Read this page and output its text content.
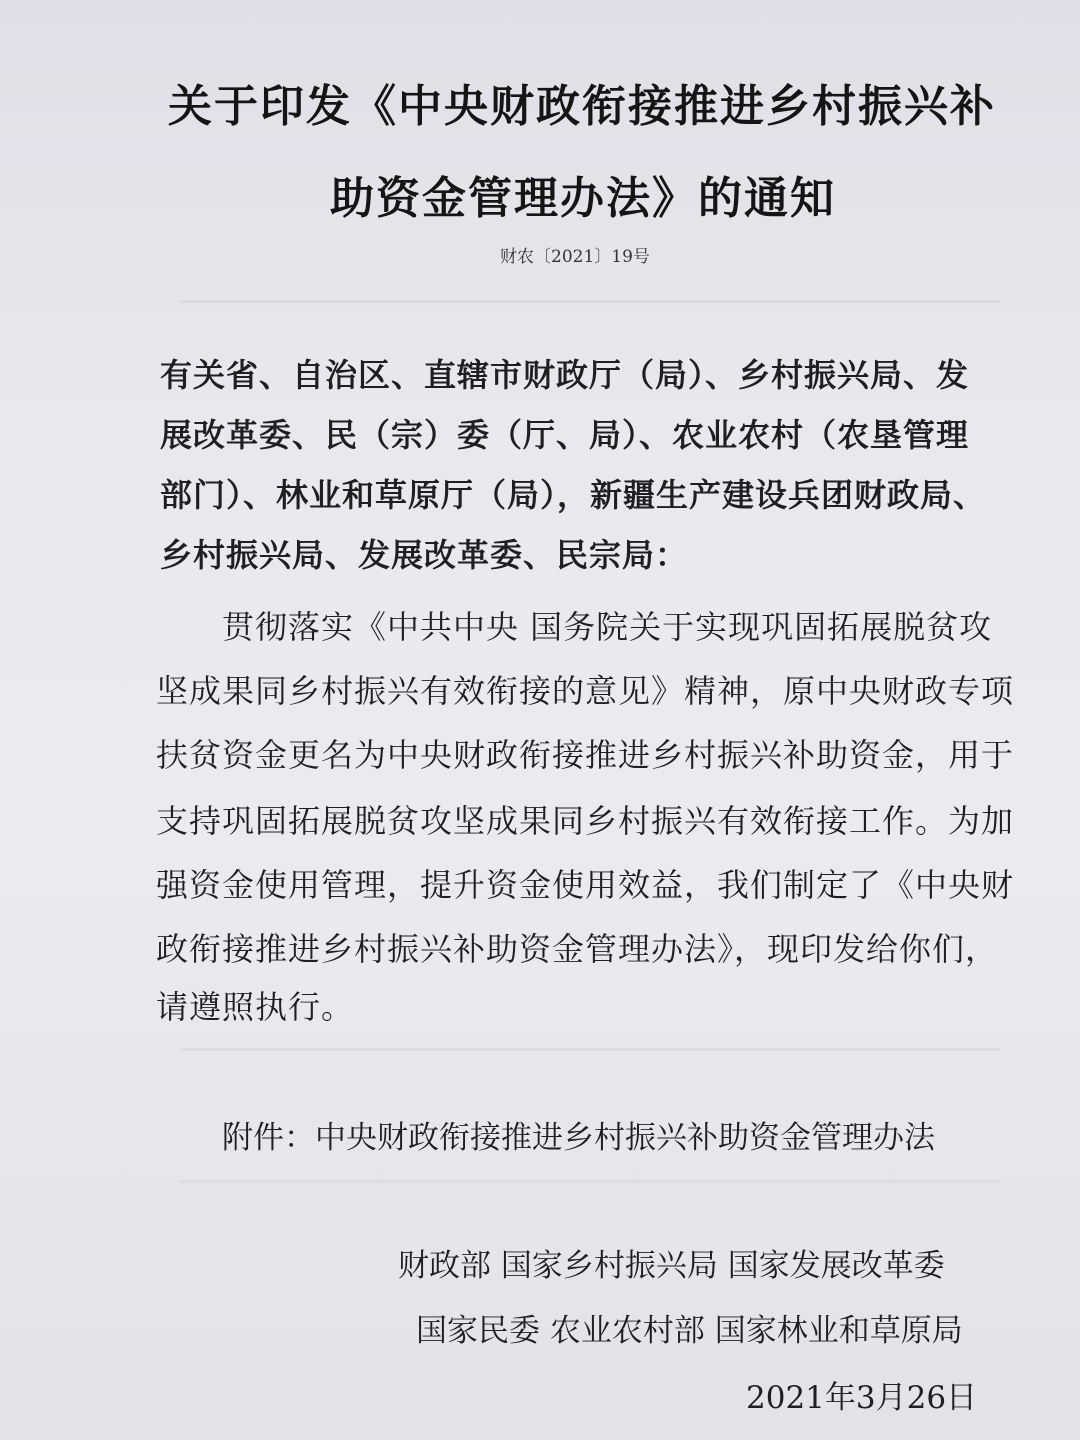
关于印发《中央财政衔接推进乡村振兴补
助资金管理办法》的通知
财农〔2021〕19号
有关省、自治区、直辖市财政厅（局）、乡村振兴局、发
展改革委、民（宗）委（厅、局）、农业农村（农垦管理
部门）、林业和草原厅（局），新疆生产建设兵团财政局、
乡村振兴局、发展改革委、民宗局：
贯彻落实《中共中央 国务院关于实现巩固拓展脱贫攻
坚成果同乡村振兴有效衔接的意见》精神，原中央财政专项
扶贫资金更名为中央财政衔接推进乡村振兴补助资金，用于
支持巩固拓展脱贫攻坚成果同乡村振兴有效衔接工作。为加
强资金使用管理，提升资金使用效益，我们制定了《中央财
政衔接推进乡村振兴补助资金管理办法》，现印发给你们，
请遵照执行。
附件：中央财政衔接推进乡村振兴补助资金管理办法
财政部 国家乡村振兴局 国家发展改革委
国家民委 农业农村部 国家林业和草原局
2021年3月26日
